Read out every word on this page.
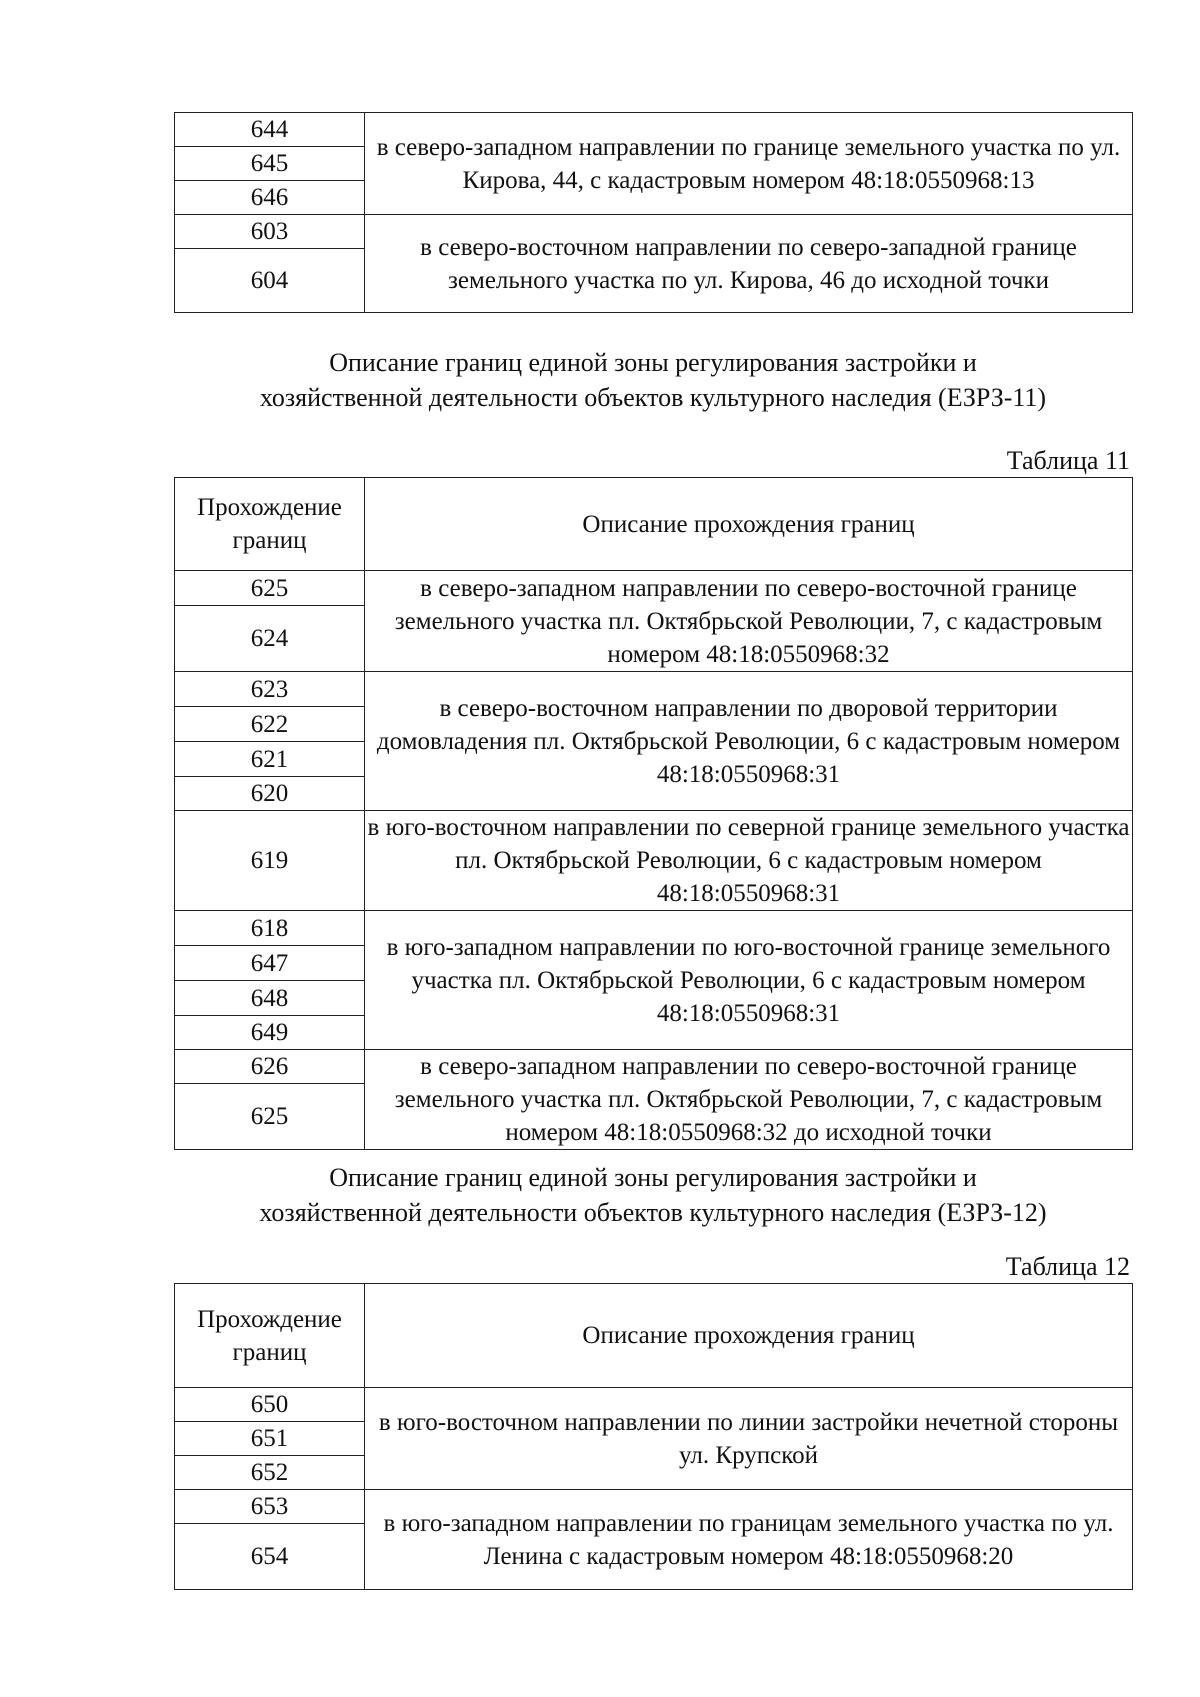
644	в северо-западном направлении по границе земельного участка по ул. Кирова, 44, с кадастровым номером 48:18:0550968:13
645	
646	
603	в северо-восточном направлении по северо-западной границе земельного участка по ул. Кирова, 46 до исходной точки
604	
Описание границ единой зоны регулирования застройки и
хозяйственной деятельности объектов культурного наследия (ЕЗРЗ-11)
Таблица 11
Прохождение границ	Описание прохождения границ
625	в северо-западном направлении по северо-восточной границе земельного участка пл. Октябрьской Революции, 7, с кадастровым номером 48:18:0550968:32
624	
623	в северо-восточном направлении по дворовой территории домовладения пл. Октябрьской Революции, 6 с кадастровым номером 48:18:0550968:31
622	
621	
620	
619	в юго-восточном направлении по северной границе земельного участка пл. Октябрьской Революции, 6 с кадастровым номером 48:18:0550968:31
618	в юго-западном направлении по юго-восточной границе земельного участка пл. Октябрьской Революции, 6 с кадастровым номером 48:18:0550968:31
647	
648	
649	
626	в северо-западном направлении по северо-восточной границе земельного участка пл. Октябрьской Революции, 7, с кадастровым номером 48:18:0550968:32 до исходной точки
625	
Описание границ единой зоны регулирования застройки и
хозяйственной деятельности объектов культурного наследия (ЕЗРЗ-12)
Таблица 12
Прохождение границ	Описание прохождения границ
650	в юго-восточном направлении по линии застройки нечетной стороны ул. Крупской
651	
652	
653	в юго-западном направлении по границам земельного участка по ул. Ленина с кадастровым номером 48:18:0550968:20
654	
